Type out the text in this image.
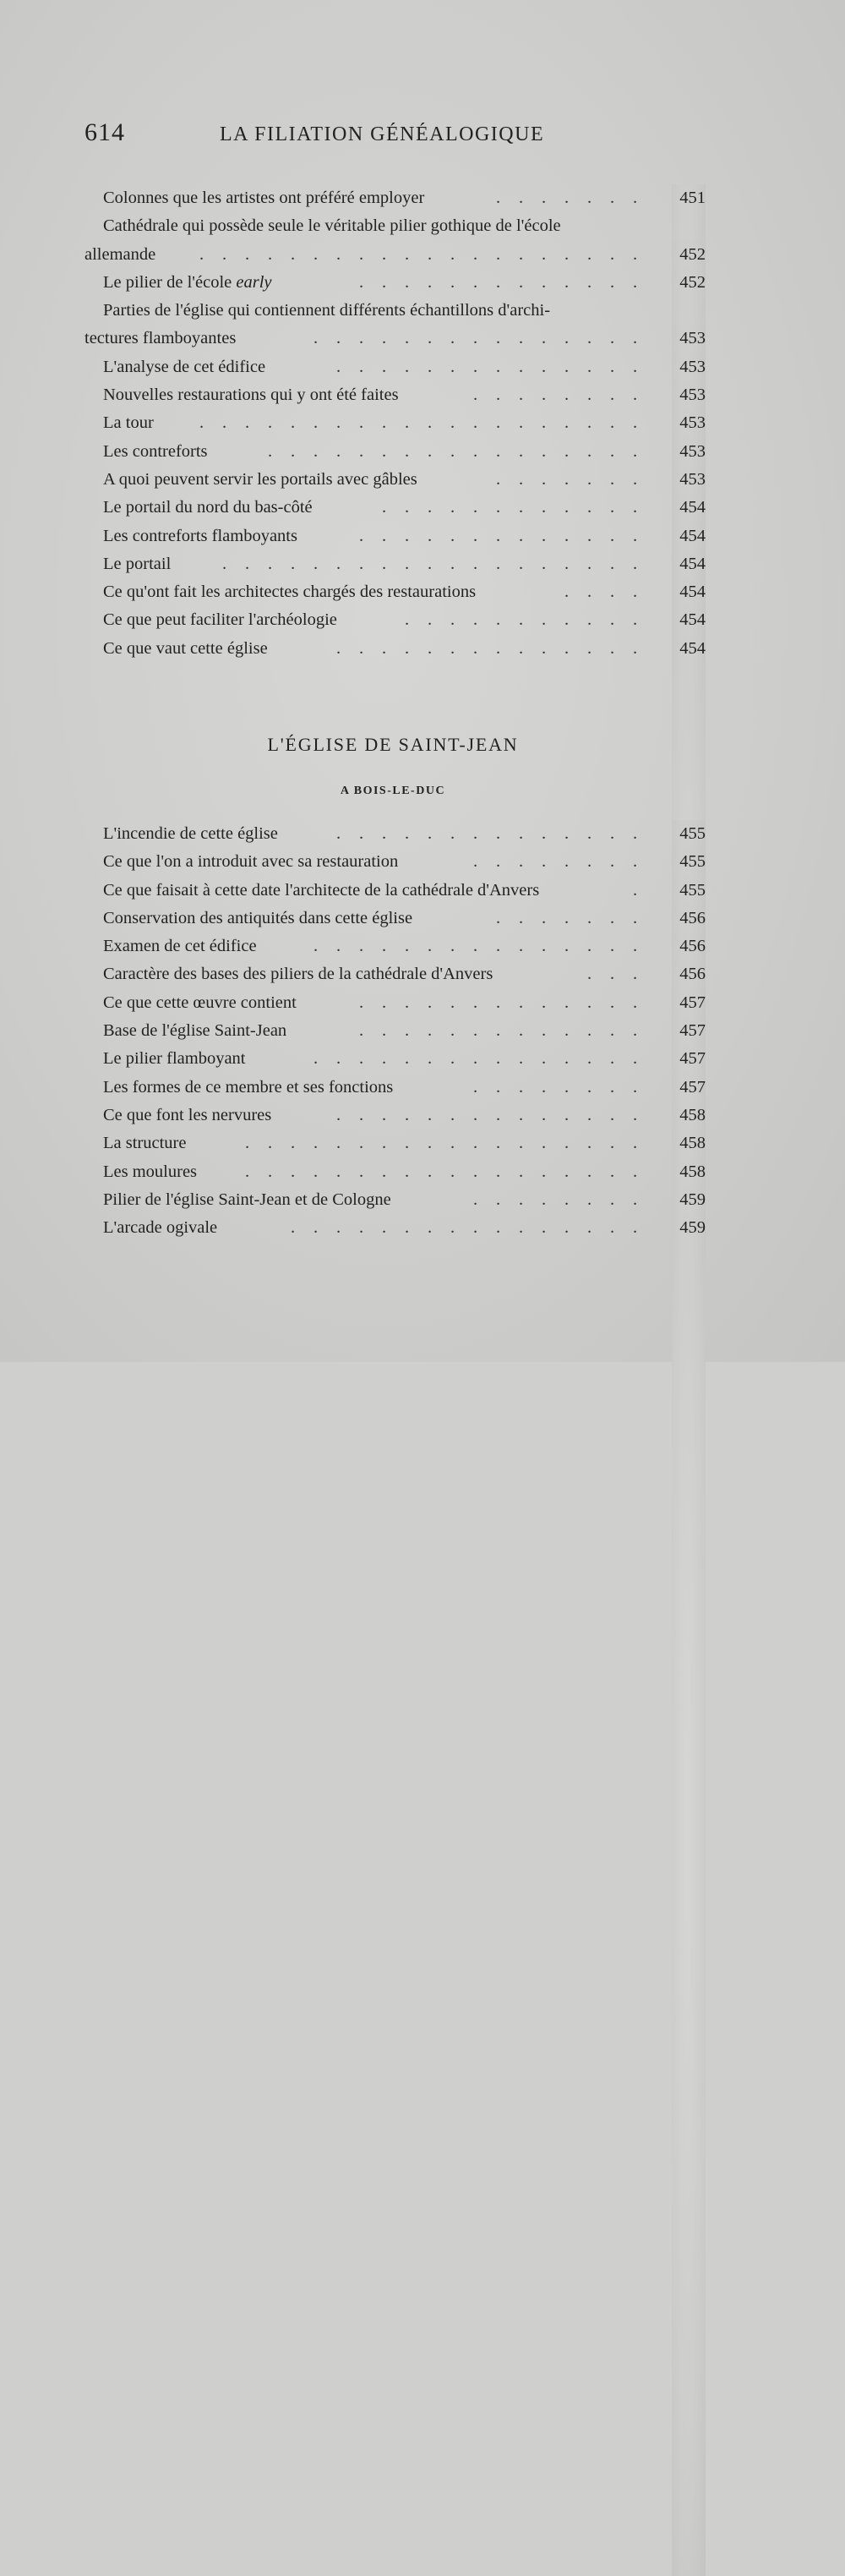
614	LA FILIATION GÉNÉALOGIQUE
Colonnes que les artistes ont préféré employer	.	.	.	.	.	.	.	451
Cathédrale qui possède seule le véritable pilier gothique de l'école
allemande	.	.	.	.	.	.	.	.	.	.	.	.	.	.	.	.	.	.	.	.	452
Le pilier de l'école early	.	.	.	.	.	.	.	.	.	.	.	.	.	452
Parties de l'église qui contiennent différents échantillons d'archi-
tectures flamboyantes	.	.	.	.	.	.	.	.	.	.	.	.	.	.	.	453
L'analyse de cet édifice	.	.	.	.	.	.	.	.	.	.	.	.	.	.	453
Nouvelles restaurations qui y ont été faites	.	.	.	.	.	.	.	.	453
La tour	.	.	.	.	.	.	.	.	.	.	.	.	.	.	.	.	.	.	.	.	453
Les contreforts	.	.	.	.	.	.	.	.	.	.	.	.	.	.	.	.	.	453
A quoi peuvent servir les portails avec gâbles	.	.	.	.	.	.	.	453
Le portail du nord du bas-côté	.	.	.	.	.	.	.	.	.	.	.	.	454
Les contreforts flamboyants	.	.	.	.	.	.	.	.	.	.	.	.	.	454
Le portail	.	.	.	.	.	.	.	.	.	.	.	.	.	.	.	.	.	.	.	454
Ce qu'ont fait les architectes chargés des restaurations	.	.	.	.	454
Ce que peut faciliter l'archéologie	.	.	.	.	.	.	.	.	.	.	.	454
Ce que vaut cette église	.	.	.	.	.	.	.	.	.	.	.	.	.	.	454
L'ÉGLISE DE SAINT-JEAN
A BOIS-LE-DUC
L'incendie de cette église	.	.	.	.	.	.	.	.	.	.	.	.	.	.	455
Ce que l'on a introduit avec sa restauration	.	.	.	.	.	.	.	.	455
Ce que faisait à cette date l'architecte de la cathédrale d'Anvers	.	455
Conservation des antiquités dans cette église	.	.	.	.	.	.	.	456
Examen de cet édifice	.	.	.	.	.	.	.	.	.	.	.	.	.	.	.	456
Caractère des bases des piliers de la cathédrale d'Anvers	.	.	.	456
Ce que cette œuvre contient	.	.	.	.	.	.	.	.	.	.	.	.	.	457
Base de l'église Saint-Jean	.	.	.	.	.	.	.	.	.	.	.	.	.	457
Le pilier flamboyant	.	.	.	.	.	.	.	.	.	.	.	.	.	.	.	457
Les formes de ce membre et ses fonctions	.	.	.	.	.	.	.	.	457
Ce que font les nervures	.	.	.	.	.	.	.	.	.	.	.	.	.	.	458
La structure	.	.	.	.	.	.	.	.	.	.	.	.	.	.	.	.	.	.	458
Les moulures	.	.	.	.	.	.	.	.	.	.	.	.	.	.	.	.	.	.	458
Pilier de l'église Saint-Jean et de Cologne	.	.	.	.	.	.	.	.	459
L'arcade ogivale	.	.	.	.	.	.	.	.	.	.	.	.	.	.	.	.	459
